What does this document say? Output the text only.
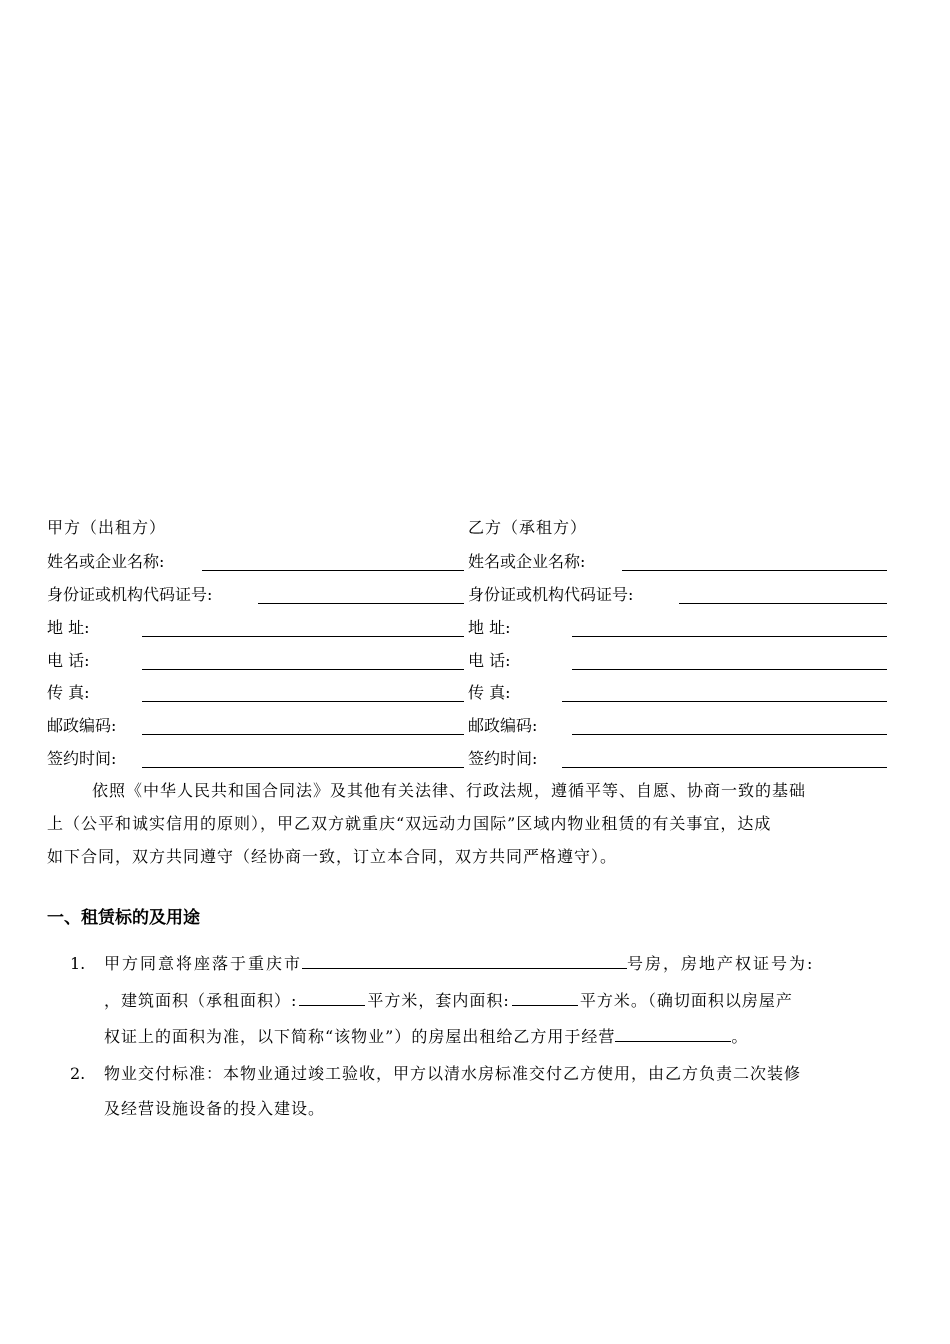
甲方（出租方）	乙方（承租方）
姓名或企业名称:	姓名或企业名称:
身份证或机构代码证号:	身份证或机构代码证号:
地 址:	地 址:
电 话:	电 话:
传 真:	传 真:
邮政编码:	邮政编码:
签约时间:	签约时间:
依照《中华人民共和国合同法》及其他有关法律、行政法规，遵循平等、自愿、协商一致的基础
上（公平和诚实信用的原则），甲乙双方就重庆“双远动力国际”区域内物业租赁的有关事宜，达成
如下合同，双方共同遵守（经协商一致，订立本合同，双方共同严格遵守）。
一、租赁标的及用途
1. 甲方同意将座落于重庆市	号房，房地产权证号为:
，建筑面积（承租面积）:	平方米，套内面积:	平方米。（确切面积以房屋产
权证上的面积为准，以下简称“该物业”）的房屋出租给乙方用于经营	。
2. 物业交付标准：本物业通过竣工验收，甲方以清水房标准交付乙方使用，由乙方负责二次装修
及经营设施设备的投入建设。
